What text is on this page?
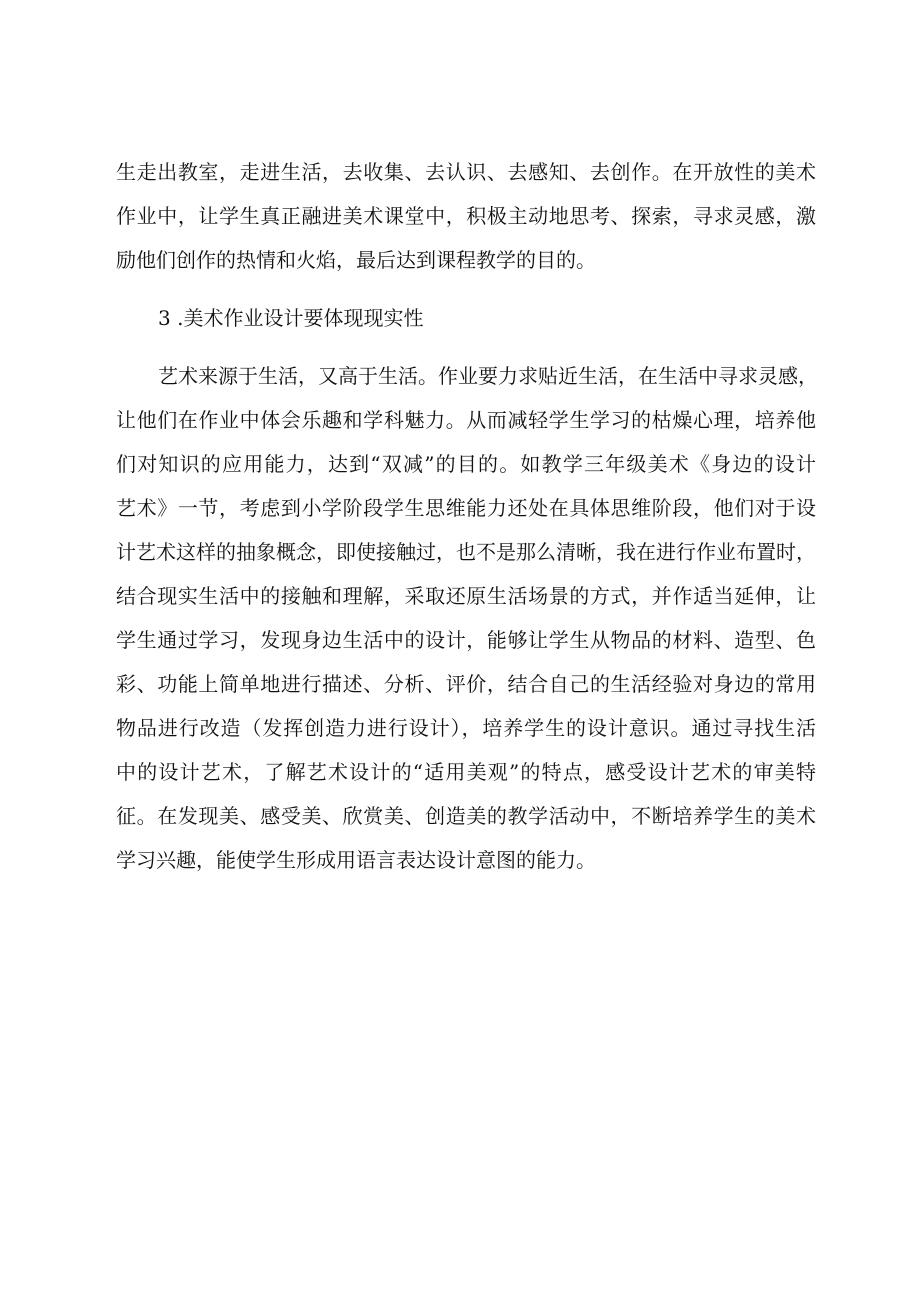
生走出教室，走进生活，去收集、去认识、去感知、去创作。在开放性的美术
作业中，让学生真正融进美术课堂中，积极主动地思考、探索，寻求灵感，激
励他们创作的热情和火焰，最后达到课程教学的目的。
3 .美术作业设计要体现现实性
艺术来源于生活，又高于生活。作业要力求贴近生活，在生活中寻求灵感，
让他们在作业中体会乐趣和学科魅力。从而减轻学生学习的枯燥心理，培养他
们对知识的应用能力，达到“双减”的目的。如教学三年级美术《身边的设计
艺术》一节，考虑到小学阶段学生思维能力还处在具体思维阶段，他们对于设
计艺术这样的抽象概念，即使接触过，也不是那么清晰，我在进行作业布置时，
结合现实生活中的接触和理解，采取还原生活场景的方式，并作适当延伸，让
学生通过学习，发现身边生活中的设计，能够让学生从物品的材料、造型、色
彩、功能上简单地进行描述、分析、评价，结合自己的生活经验对身边的常用
物品进行改造（发挥创造力进行设计），培养学生的设计意识。通过寻找生活
中的设计艺术，了解艺术设计的“适用美观”的特点，感受设计艺术的审美特
征。在发现美、感受美、欣赏美、创造美的教学活动中，不断培养学生的美术
学习兴趣，能使学生形成用语言表达设计意图的能力。
